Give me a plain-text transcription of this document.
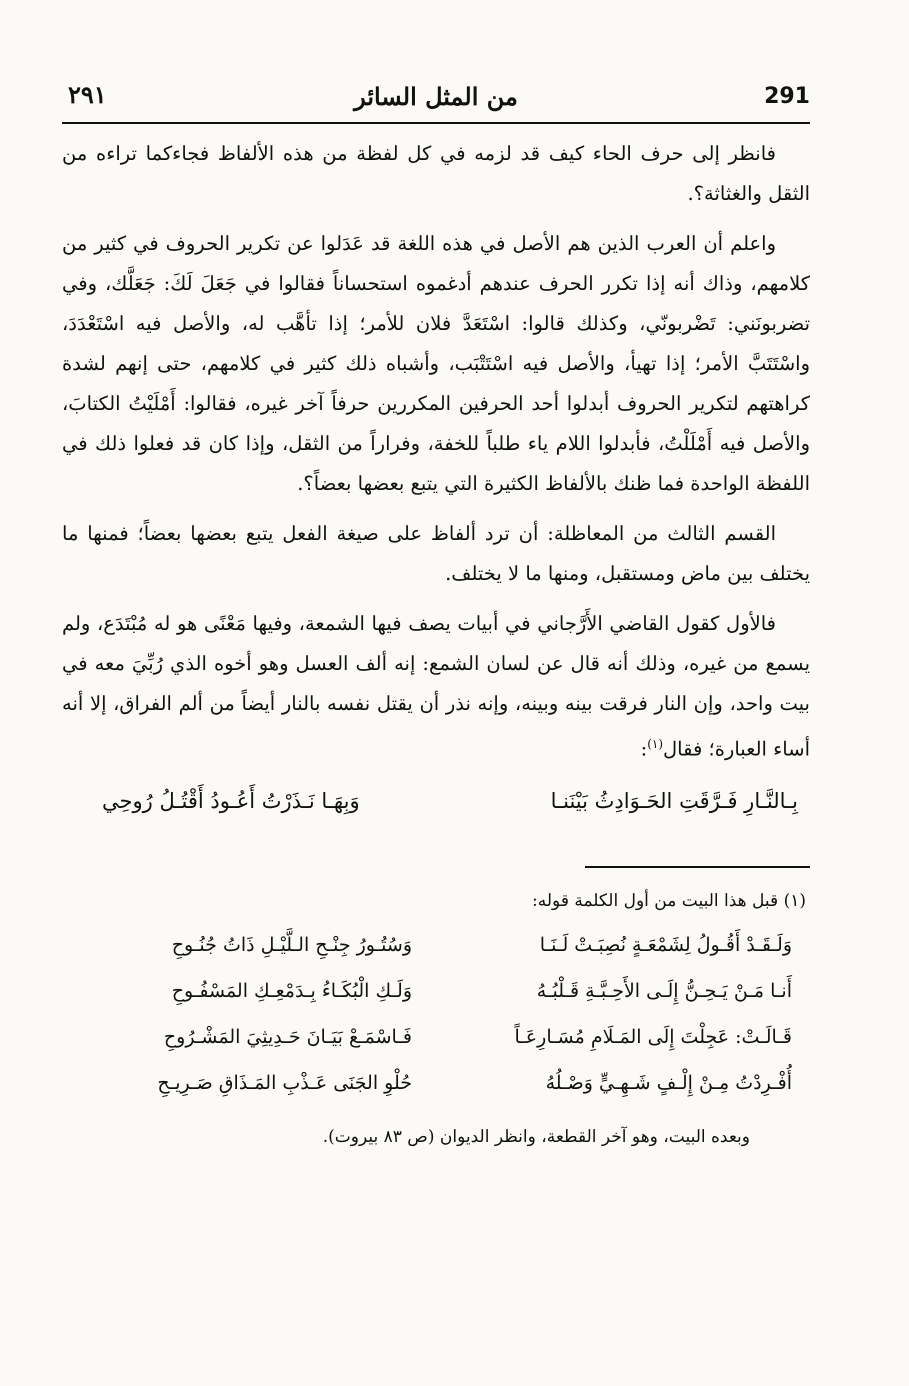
291
من المثل السائر
٢٩١

فانظر إلى حرف الحاء كيف قد لزمه في كل لفظة من هذه الألفاظ فجاءكما تراءه من الثقل والغثاثة؟.

واعلم أن العرب الذين هم الأصل في هذه اللغة قد عَدَلوا عن تكرير الحروف في كثير من كلامهم، وذاك أنه إذا تكرر الحرف عندهم أدغموه استحساناً فقالوا في جَعَلَ لَكَ: جَعَلَّك، وفي تضربونَني: تَضْربونّي، وكذلك قالوا: اسْتَعَدَّ فلان للأمر؛ إذا تأهَّب له، والأصل فيه اسْتَعْدَدَ، واسْتَتَبَّ الأمر؛ إذا تهيأ، والأصل فيه اسْتَتْبَب، وأشباه ذلك كثير في كلامهم، حتى إنهم لشدة كراهتهم لتكرير الحروف أبدلوا أحد الحرفين المكررين حرفاً آخر غيره، فقالوا: أَمْلَيْتُ الكتابَ، والأصل فيه أَمْلَلْتُ، فأبدلوا اللام ياء طلباً للخفة، وفراراً من الثقل، وإذا كان قد فعلوا ذلك في اللفظة الواحدة فما ظنك بالألفاظ الكثيرة التي يتبع بعضها بعضاً؟.

القسم الثالث من المعاظلة: أن ترد ألفاظ على صيغة الفعل يتبع بعضها بعضاً؛ فمنها ما يختلف بين ماض ومستقبل، ومنها ما لا يختلف.

فالأول كقول القاضي الأَرَّجاني في أبيات يصف فيها الشمعة، وفيها مَعْنًى هو له مُبْتَدَع، ولم يسمع من غيره، وذلك أنه قال عن لسان الشمع: إنه ألف العسل وهو أخوه الذي رُبِّيَ معه في بيت واحد، وإن النار فرقت بينه وبينه، وإنه نذر أن يقتل نفسه بالنار أيضاً من ألم الفراق، إلا أنه أساء العبارة؛ فقال$^{(١)}$:

بِـالنَّـارِ فَـرَّقَتِ الحَـوَادِثُ بَيْنَنـا
وَبِهَـا نَـذَرْتُ أَعُـودُ أَقْتُـلُ رُوحِي
(١) قبل هذا البيت من أول الكلمة قوله:
وَلَـقَـدْ أَقُـولُ لِشَمْعَـةٍ نُصِبَـتْ لَـنَـا
وَسُتُـورُ جِنْـحِ الـلَّيْـلِ ذَاتُ جُنُـوحِ
أَنـا مَـنْ يَـحِـنُّ إِلَـى الأَحِـبَّـةِ قَـلْبُـهُ
وَلَـكِ الْبُكَـاءُ بِـدَمْعِـكِ المَسْفُـوحِ
قَـالَـتْ: عَجِلْتَ إِلَى المَـلَامِ مُسَـارِعَـاً
فَـاسْمَـعْ بَيَـانَ حَـدِيثِيَ المَشْـرُوحِ
أُفْـرِدْتُ مِـنْ إِلْـفٍ شَـهِـيٍّ وَصْـلُهُ
حُلْوِ الجَنَى عَـذْبِ المَـذَاقِ صَـرِيـحِ
وبعده البيت، وهو آخر القطعة، وانظر الديوان (ص ٨٣ بيروت).
